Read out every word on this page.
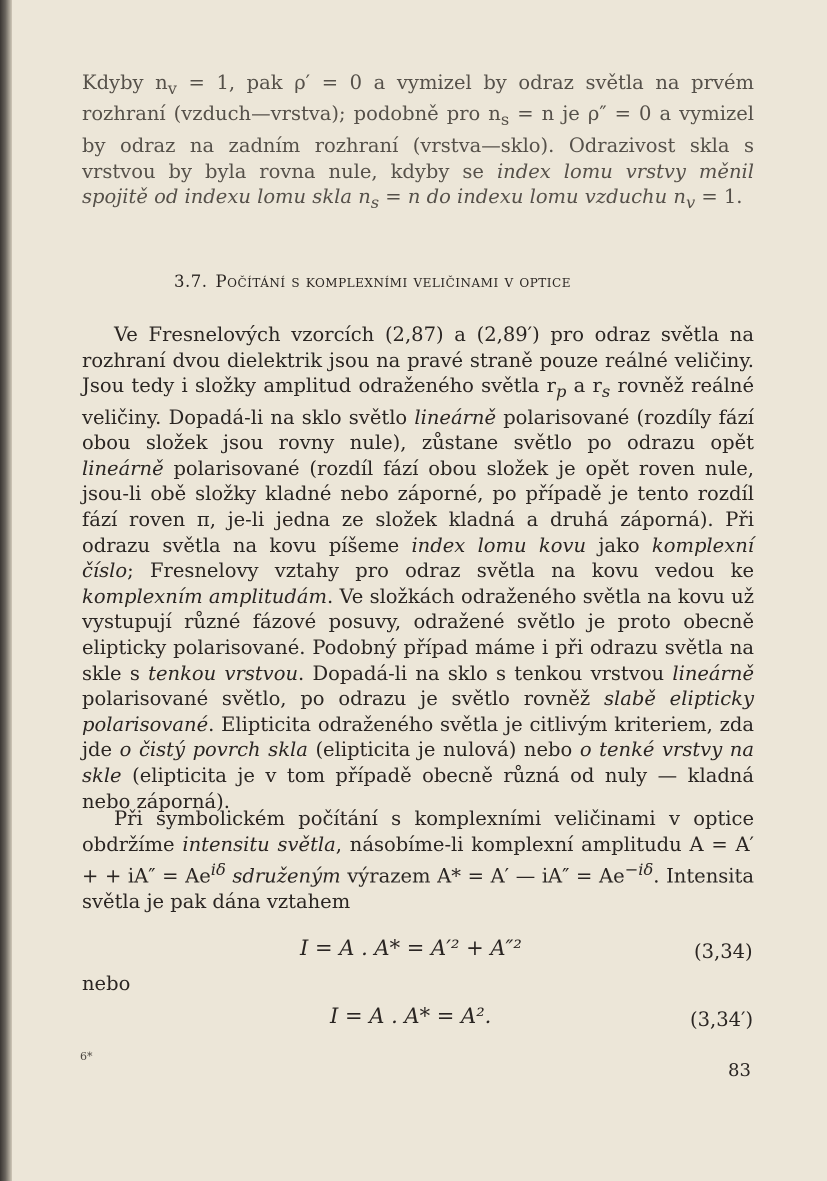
Kdyby $n_v = 1$, pak ρ′ = 0 a vymizel by odraz světla na prvém rozhraní (vzduch—vrstva); podobně pro $n_s = n$ je ρ″ = 0 a vymizel by odraz na zadním rozhraní (vrstva—sklo). Odrazivost skla s vrstvou by byla rovna nule, kdyby se index lomu vrstvy měnil spojitě od indexu lomu skla $n_s = n$ do indexu lomu vzduchu $n_v = 1$.

3.7. Počítání s komplexními veličinami v optice

Ve Fresnelových vzorcích (2,87) a (2,89′) pro odraz světla na rozhraní dvou dielektrik jsou na pravé straně pouze reálné veličiny. Jsou tedy i složky amplitud odraženého světla $r_p$ a $r_s$ rovněž reálné veličiny. Dopadá-li na sklo světlo lineárně polarisované (rozdíly fází obou složek jsou rovny nule), zůstane světlo po odrazu opět lineárně polarisované (rozdíl fází obou složek je opět roven nule, jsou-li obě složky kladné nebo záporné, po případě je tento rozdíl fází roven π, je-li jedna ze složek kladná a druhá záporná). Při odrazu světla na kovu píšeme index lomu kovu jako komplexní číslo; Fresnelovy vztahy pro odraz světla na kovu vedou ke komplexním amplitudám. Ve složkách odraženého světla na kovu už vystupují různé fázové posuvy, odražené světlo je proto obecně elipticky polarisované. Podobný případ máme i při odrazu světla na skle s tenkou vrstvou. Dopadá-li na sklo s tenkou vrstvou lineárně polarisované světlo, po odrazu je světlo rovněž slabě elipticky polarisované. Elipticita odraženého světla je citlivým kriteriem, zda jde o čistý povrch skla (elipticita je nulová) nebo o tenké vrstvy na skle (elipticita je v tom případě obecně různá od nuly — kladná nebo záporná).

Při symbolickém počítání s komplexními veličinami v optice obdržíme intensitu světla, násobíme-li komplexní amplitudu A = A′ + + $iA'' = Ae^{i\delta}$ sdruženým výrazem A* = A′ — $iA'' = Ae^{-i\delta}$. Intensita světla je pak dána vztahem

I = A . A* = A′² + A″²	(3,34)
nebo
I = A . A* = A².	(3,34′)
6*
83
